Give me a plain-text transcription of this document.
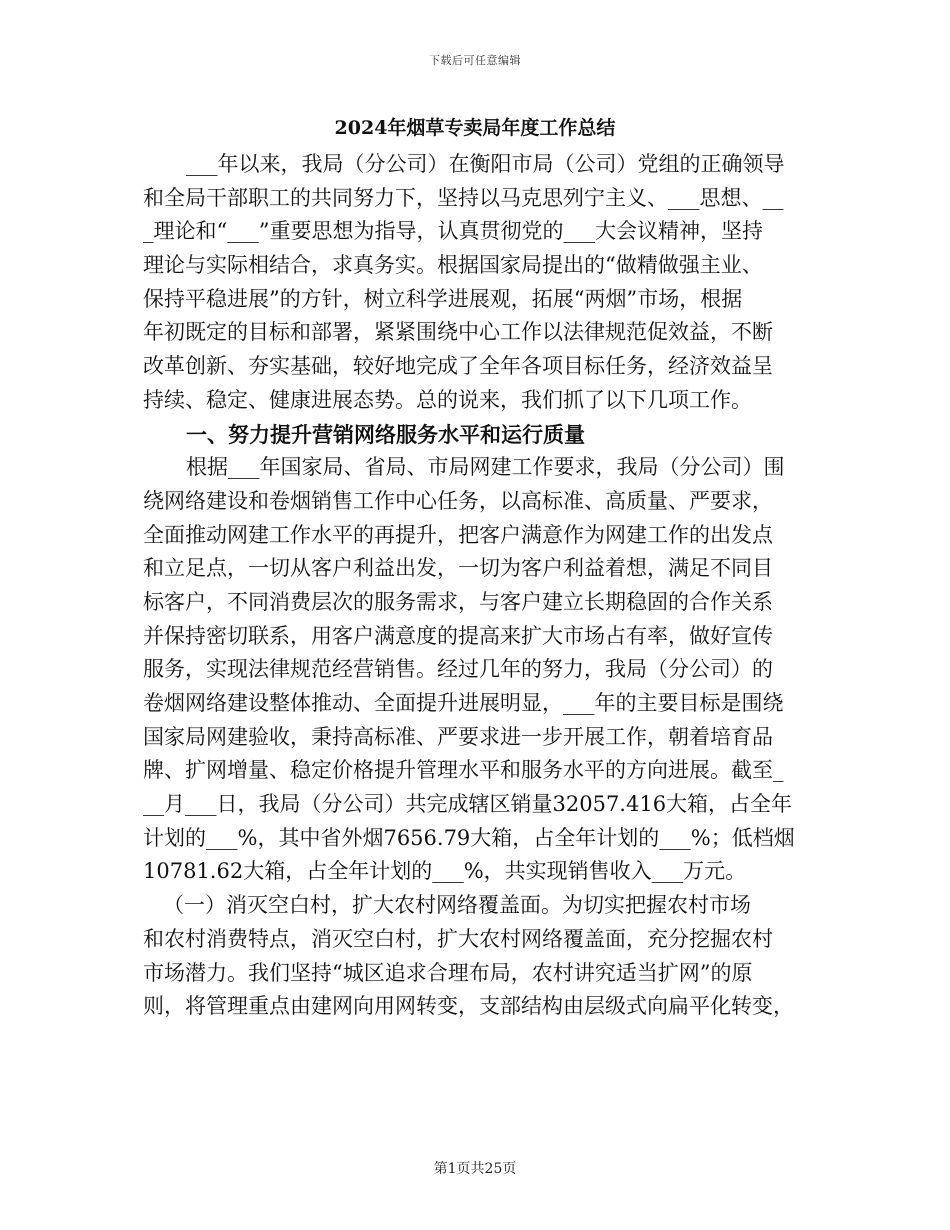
下载后可任意编辑
2024年烟草专卖局年度工作总结
___年以来，我局（分公司）在衡阳市局（公司）党组的正确领导
和全局干部职工的共同努力下，坚持以马克思列宁主义、___思想、__
_理论和“___”重要思想为指导，认真贯彻党的___大会议精神，坚持
理论与实际相结合，求真务实。根据国家局提出的“做精做强主业、
保持平稳进展”的方针，树立科学进展观，拓展“两烟”市场，根据
年初既定的目标和部署，紧紧围绕中心工作以法律规范促效益，不断
改革创新、夯实基础，较好地完成了全年各项目标任务，经济效益呈
持续、稳定、健康进展态势。总的说来，我们抓了以下几项工作。
一、努力提升营销网络服务水平和运行质量
根据___年国家局、省局、市局网建工作要求，我局（分公司）围
绕网络建设和卷烟销售工作中心任务，以高标准、高质量、严要求，
全面推动网建工作水平的再提升，把客户满意作为网建工作的出发点
和立足点，一切从客户利益出发，一切为客户利益着想，满足不同目
标客户，不同消费层次的服务需求，与客户建立长期稳固的合作关系
并保持密切联系，用客户满意度的提高来扩大市场占有率，做好宣传
服务，实现法律规范经营销售。经过几年的努力，我局（分公司）的
卷烟网络建设整体推动、全面提升进展明显，___年的主要目标是围绕
国家局网建验收，秉持高标准、严要求进一步开展工作，朝着培育品
牌、扩网增量、稳定价格提升管理水平和服务水平的方向进展。截至_
__月___日，我局（分公司）共完成辖区销量32057.416大箱，占全年
计划的___%，其中省外烟7656.79大箱，占全年计划的___%；低档烟
10781.62大箱，占全年计划的___%，共实现销售收入___万元。
（一）消灭空白村，扩大农村网络覆盖面。为切实把握农村市场
和农村消费特点，消灭空白村，扩大农村网络覆盖面，充分挖掘农村
市场潜力。我们坚持“城区追求合理布局，农村讲究适当扩网”的原
则，将管理重点由建网向用网转变，支部结构由层级式向扁平化转变，
第1页共25页
